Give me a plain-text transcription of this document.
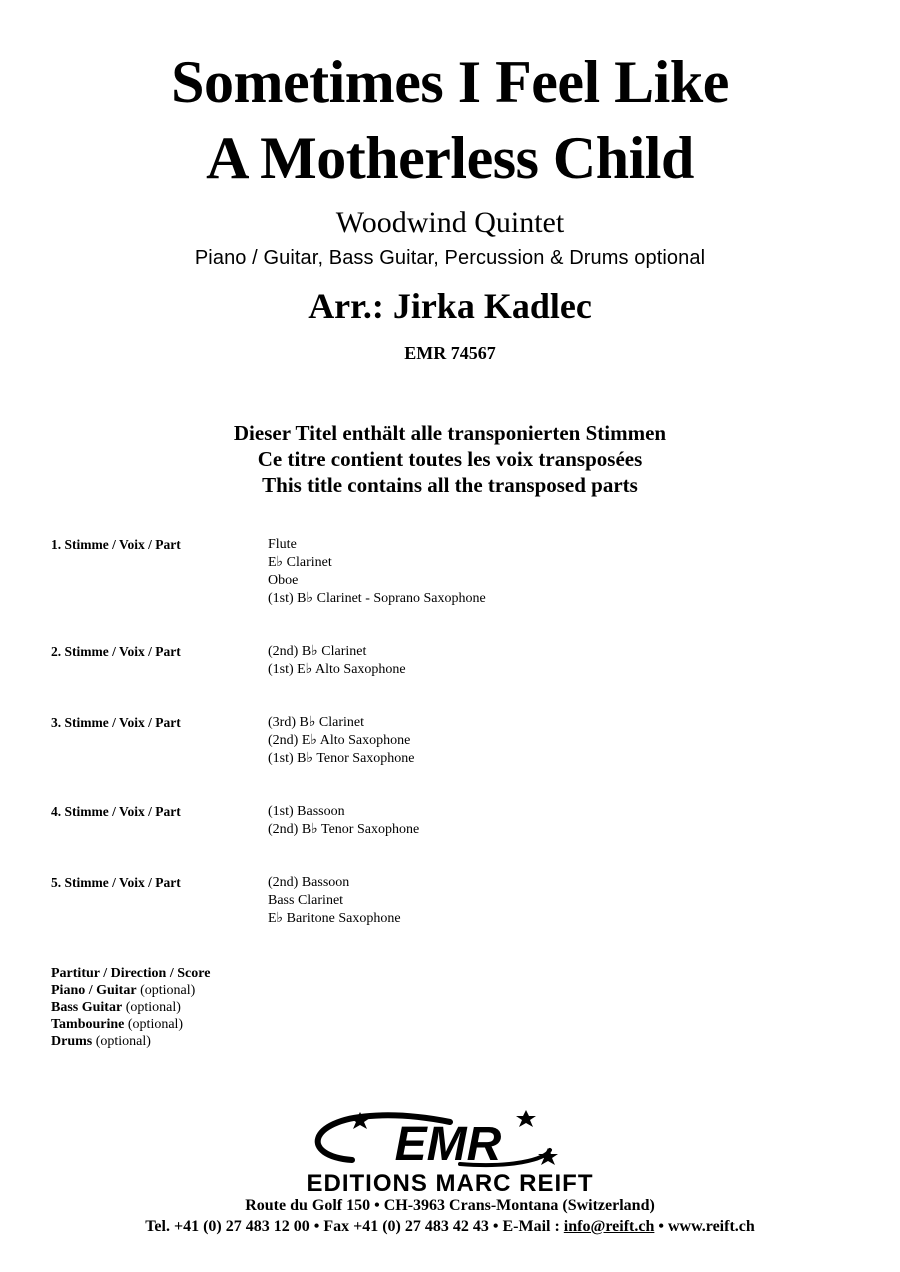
Sometimes I Feel Like
A Motherless Child
Woodwind Quintet
Piano / Guitar, Bass Guitar, Percussion & Drums optional
Arr.: Jirka Kadlec
EMR 74567
Dieser Titel enthält alle transponierten Stimmen
Ce titre contient toutes les voix transposées
This title contains all the transposed parts
1. Stimme / Voix / Part	Flute
E♭ Clarinet
Oboe
(1st) B♭ Clarinet - Soprano Saxophone
2. Stimme / Voix / Part	(2nd) B♭ Clarinet
(1st) E♭ Alto Saxophone
3. Stimme / Voix / Part	(3rd) B♭ Clarinet
(2nd) E♭ Alto Saxophone
(1st) B♭ Tenor Saxophone
4. Stimme / Voix / Part	(1st) Bassoon
(2nd) B♭ Tenor Saxophone
5. Stimme / Voix / Part	(2nd) Bassoon
Bass Clarinet
E♭ Baritone Saxophone
Partitur / Direction / Score
Piano / Guitar (optional)
Bass Guitar (optional)
Tambourine (optional)
Drums (optional)
EMR
EDITIONS MARC REIFT
Route du Golf 150 • CH-3963 Crans-Montana (Switzerland)
Tel. +41 (0) 27 483 12 00 • Fax +41 (0) 27 483 42 43 • E-Mail : info@reift.ch • www.reift.ch
